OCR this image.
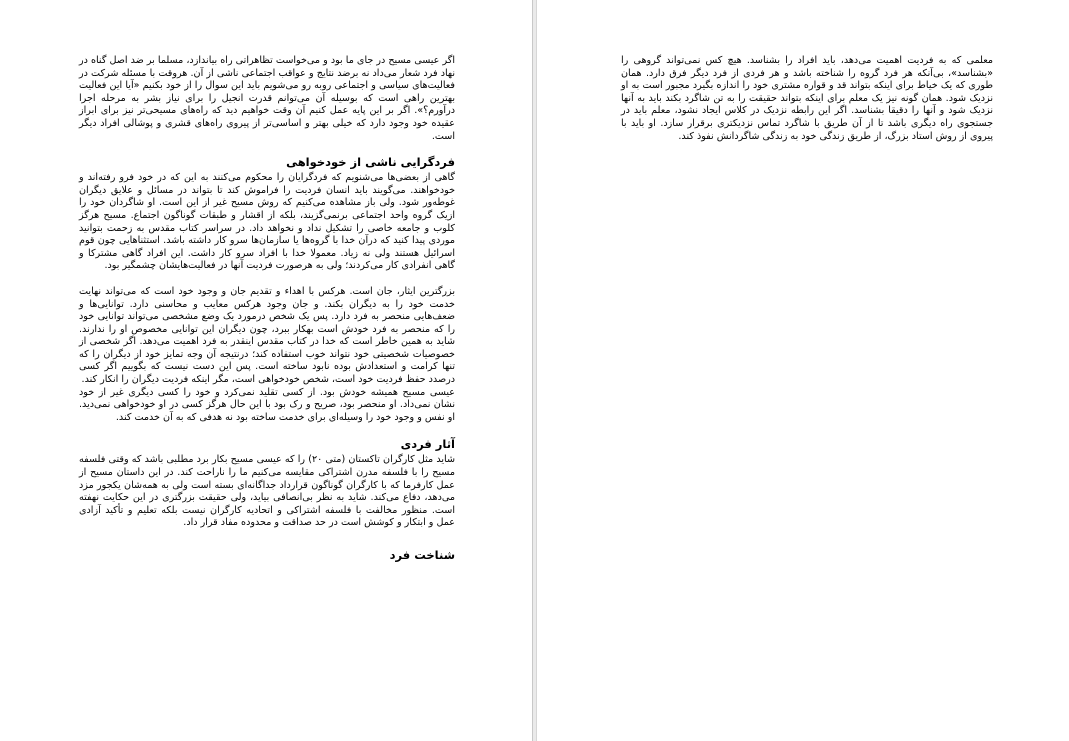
اگر عیسی مسیح در جای ما بود و می‌خواست تظاهراتی راه بیاندازد، مسلما بر ضد اصل گناه در نهاد فرد شعار می‌داد نه برضد نتایج و عواقب اجتماعی ناشی از آن. هروقت با مسئله شرکت در فعالیت‌های سیاسی و اجتماعی روبه رو می‌شویم باید این سوال را از خود بکنیم «آیا این فعالیت بهترین راهی است که بوسیله آن می‌توانم قدرت انجیل را برای نیاز بشر به مرحله اجرا درآورم؟». اگر بر این پایه عمل کنیم آن وقت خواهیم دید که راه‌های مسیحی‌تر نیز برای ابراز عقیده خود وجود دارد که خیلی بهتر و اساسی‌تر از پیروی راه‌های قشری و پوشالی افراد دیگر است.

فردگرایی ناشی از خودخواهی

گاهی از بعضی‌ها می‌شنویم که فردگرایان را محکوم می‌کنند به این که در خود فرو رفته‌اند و خودخواهند. می‌گویند باید انسان فردیت را فراموش کند تا بتواند در مسائل و علایق دیگران غوطه‌ور شود. ولی باز مشاهده می‌کنیم که روش مسیح غیر از این است. او شاگردان خود را ازیک گروه واحد اجتماعی برنمی‌گزیند، بلکه از اقشار و طبقات گوناگون اجتماع. مسیح هرگز کلوب و جامعه خاصی را تشکیل نداد و نخواهد داد. در سراسر کتاب مقدس به زحمت بتوانید موردی پیدا کنید که در‌آن خدا با گروه‌ها یا سازمان‌ها سرو کار داشته باشد. استثناهایی چون قوم اسرائیل هستند ولی نه زیاد. معمولا خدا با افراد سرو کار داشت. این افراد گاهی مشترکا و گاهی انفرادی کار می‌کردند؛ ولی به هرصورت فردیت آنها در فعالیت‌هایشان چشمگیر بود.

بزرگترین ایثار، جان است. هرکس با اهداء و تقدیم جان و وجود خود است که می‌تواند نهایت خدمت خود را به دیگران بکند. و جان وجود هرکس معایب و محاسنی دارد. توانایی‌ها و ضعف‌هایی منحصر به فرد دارد. پس یک شخص درمورد یک وضع مشخصی می‌تواند توانایی خود را که منحصر به فرد خودش است بهکار ببرد، چون دیگران این توانایی مخصوص او را ندارند. شاید به همین خاطر است که خدا در کتاب مقدس اینقدر به فرد اهمیت می‌دهد. اگر شخصی از خصوصیات شخصیتی خود نتواند خوب استفاده کند؛ درنتیجه آن وجه تمایز خود از دیگران را که تنها کرامت و استعدادش بوده نابود ساخته است. پس این دست نیست که بگوییم اگر کسی درصدد حفظ فردیت خود است، شخص خودخواهی است، مگر اینکه فردیت دیگران را انکار کند.

عیسی مسیح همیشه خودش بود. از کسی تقلید نمی‌کرد و خود را کسی دیگری غیر از خود نشان نمی‌داد. او منحصر بود، صریح و رک بود با این حال هرگز کسی در او خودخواهی نمی‌دید. او نفس و وجود خود را وسیله‌ای برای خدمت ساخته بود نه هدفی که به آن خدمت کند.

آثار فردی

شاید مثل کارگران تاکستان (متی ۲۰) را که عیسی مسیح بکار برد مطلبی باشد که وقتی فلسفه مسیح را با فلسفه مدرن اشتراکی مقایسه می‌کنیم ما را ناراحت کند. در این داستان مسیح از عمل کارفرما که با کارگران گوناگون قرارداد جداگانه‌ای بسته است ولی به همه‌شان یکجور مزد می‌دهد، دفاع می‌کند. شاید به نظر بی‌انصافی بیاید، ولی حقیقت بزرگتری در این حکایت نهفته است. منظور مخالفت با فلسفه اشتراکی و اتحادیه کارگران نیست بلکه تعلیم و تأکید آزادی عمل و ابتکار و کوشش است در حد صداقت و محدوده مفاد قرار داد.

شناخت فرد

معلمی که به فردیت اهمیت می‌دهد، باید افراد را بشناسد. هیچ کس نمی‌تواند گروهی را «بشناسد»، بی‌آنکه هر فرد گروه را شناخته باشد و هر فردی از فرد دیگر فرق دارد. همان طوری که یک خیاط برای اینکه بتواند قد و قواره مشتری خود را اندازه بگیرد مجبور است به او نزدیک شود. همان گونه نیز یک معلم برای اینکه بتواند حقیقت را به تن شاگرد بکند باید به آنها نزدیک شود و آنها را دقیقا بشناسد. اگر این رابطه نزدیک در کلاس ایجاد نشود، معلم باید در جستجوی راه دیگری باشد تا از آن طریق با شاگرد تماس نزدیکتری برقرار سازد. او باید با پیروی از روش استاد بزرگ، از طریق زندگی خود به زندگی شاگردانش نفوذ کند.
